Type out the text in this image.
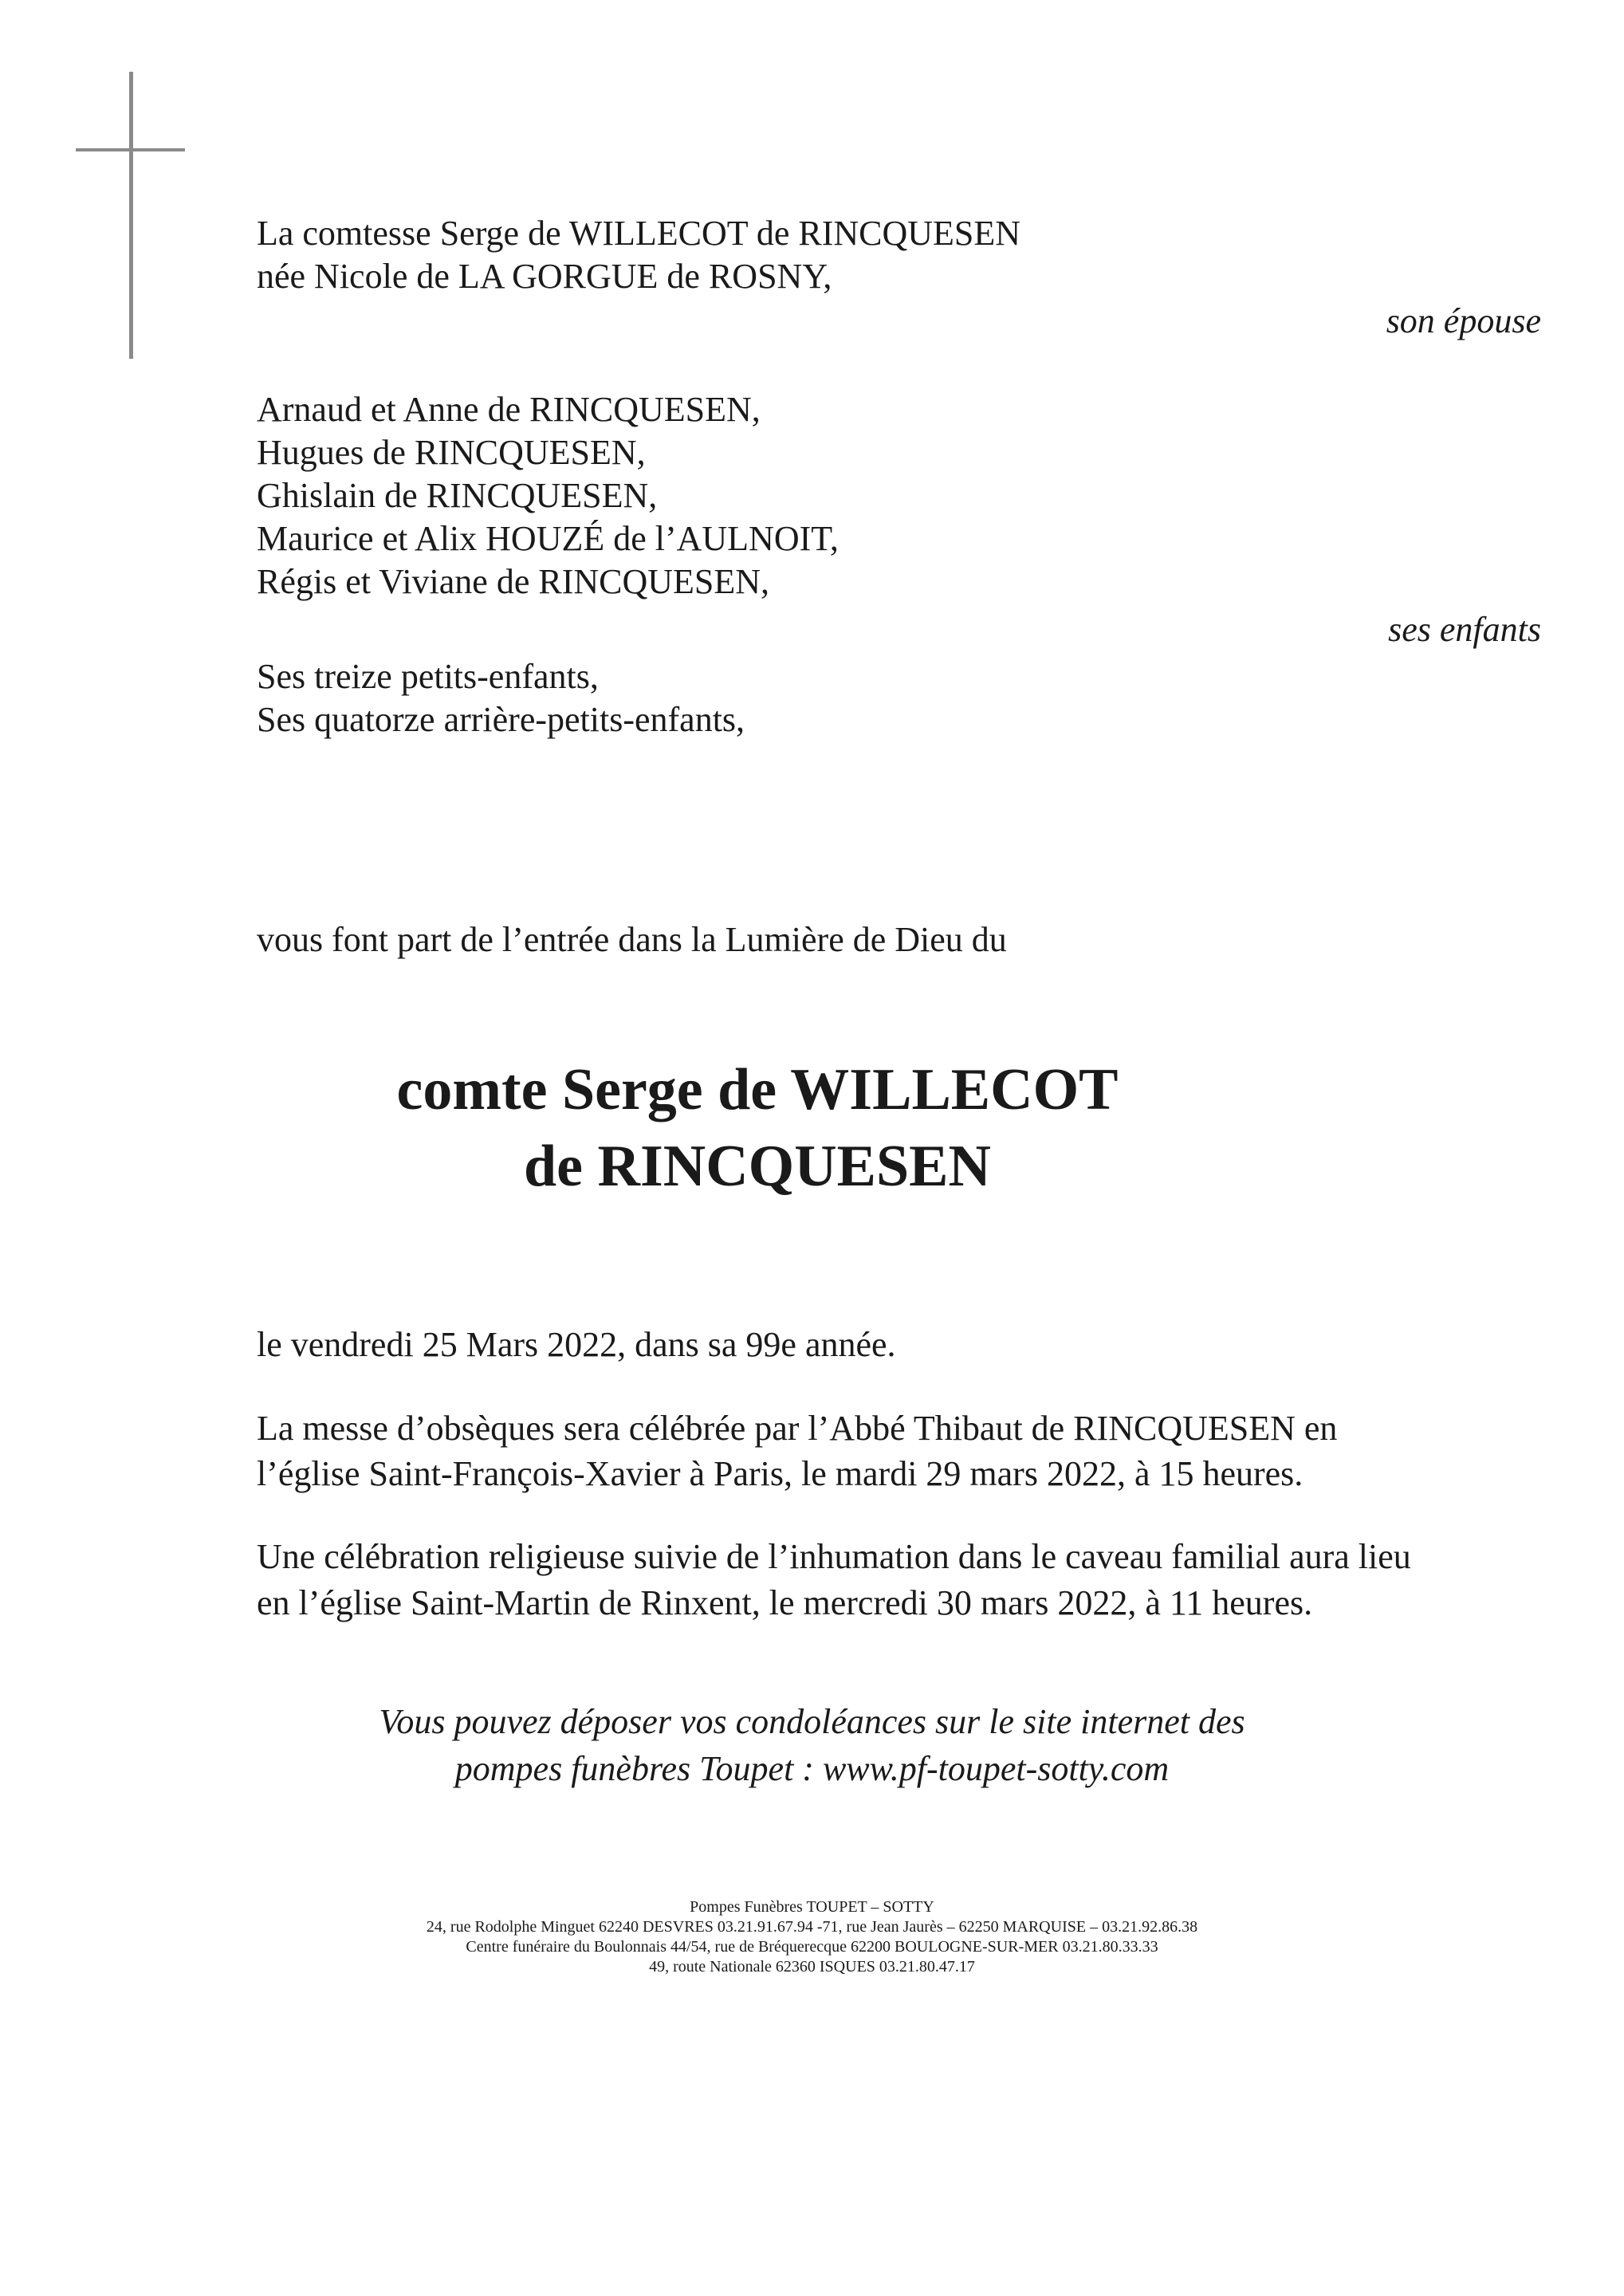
La comtesse Serge de WILLECOT de RINCQUESEN
née Nicole de LA GORGUE de ROSNY,
son épouse
Arnaud et Anne de RINCQUESEN,
Hugues de RINCQUESEN,
Ghislain de RINCQUESEN,
Maurice et Alix HOUZÉ de l’AULNOIT,
Régis et Viviane de RINCQUESEN,
ses enfants
Ses treize petits-enfants,
Ses quatorze arrière-petits-enfants,
vous font part de l’entrée dans la Lumière de Dieu du
comte Serge de WILLECOT
de RINCQUESEN
le vendredi 25 Mars 2022, dans sa 99e année.
La messe d’obsèques sera célébrée par l’Abbé Thibaut de RINCQUESEN en
l’église Saint-François-Xavier à Paris, le mardi 29 mars 2022, à 15 heures.
Une célébration religieuse suivie de l’inhumation dans le caveau familial aura lieu
en l’église Saint-Martin de Rinxent, le mercredi 30 mars 2022, à 11 heures.
Vous pouvez déposer vos condoléances sur le site internet des
pompes funèbres Toupet : www.pf-toupet-sotty.com
Pompes Funèbres TOUPET – SOTTY
24, rue Rodolphe Minguet 62240 DESVRES 03.21.91.67.94 -71, rue Jean Jaurès – 62250 MARQUISE – 03.21.92.86.38
Centre funéraire du Boulonnais 44/54, rue de Bréquerecque 62200 BOULOGNE-SUR-MER 03.21.80.33.33
49, route Nationale 62360 ISQUES 03.21.80.47.17
